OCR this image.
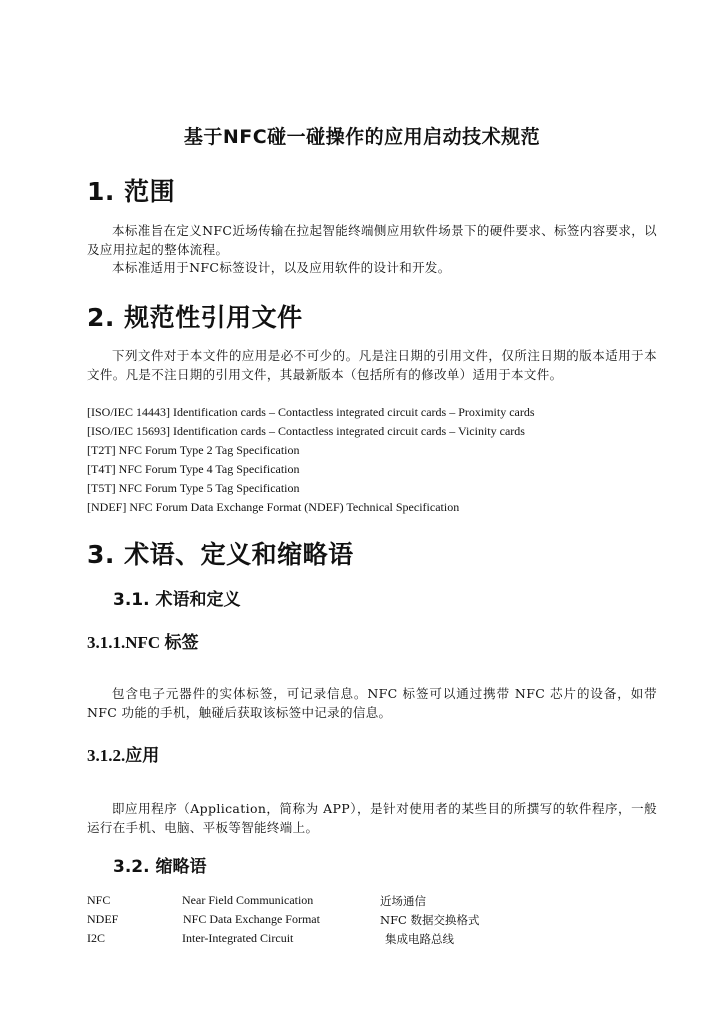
基于NFC碰一碰操作的应用启动技术规范
1. 范围
本标准旨在定义NFC近场传输在拉起智能终端侧应用软件场景下的硬件要求、标签内容要求，以及应用拉起的整体流程。
本标准适用于NFC标签设计，以及应用软件的设计和开发。
2. 规范性引用文件
下列文件对于本文件的应用是必不可少的。凡是注日期的引用文件，仅所注日期的版本适用于本文件。凡是不注日期的引用文件，其最新版本（包括所有的修改单）适用于本文件。
[ISO/IEC 14443] Identification cards – Contactless integrated circuit cards – Proximity cards
[ISO/IEC 15693] Identification cards – Contactless integrated circuit cards – Vicinity cards
[T2T] NFC Forum Type 2 Tag Specification
[T4T] NFC Forum Type 4 Tag Specification
[T5T] NFC Forum Type 5 Tag Specification
[NDEF] NFC Forum Data Exchange Format (NDEF) Technical Specification
3. 术语、定义和缩略语
3.1. 术语和定义
3.1.1.NFC 标签
包含电子元器件的实体标签，可记录信息。NFC 标签可以通过携带 NFC 芯片的设备，如带 NFC 功能的手机，触碰后获取该标签中记录的信息。
3.1.2.应用
即应用程序（Application，简称为 APP），是针对使用者的某些目的所撰写的软件程序，一般运行在手机、电脑、平板等智能终端上。
3.2. 缩略语
NFC	Near Field Communication	近场通信
NDEF	NFC Data Exchange Format	NFC 数据交换格式
I2C	Inter-Integrated Circuit	集成电路总线
